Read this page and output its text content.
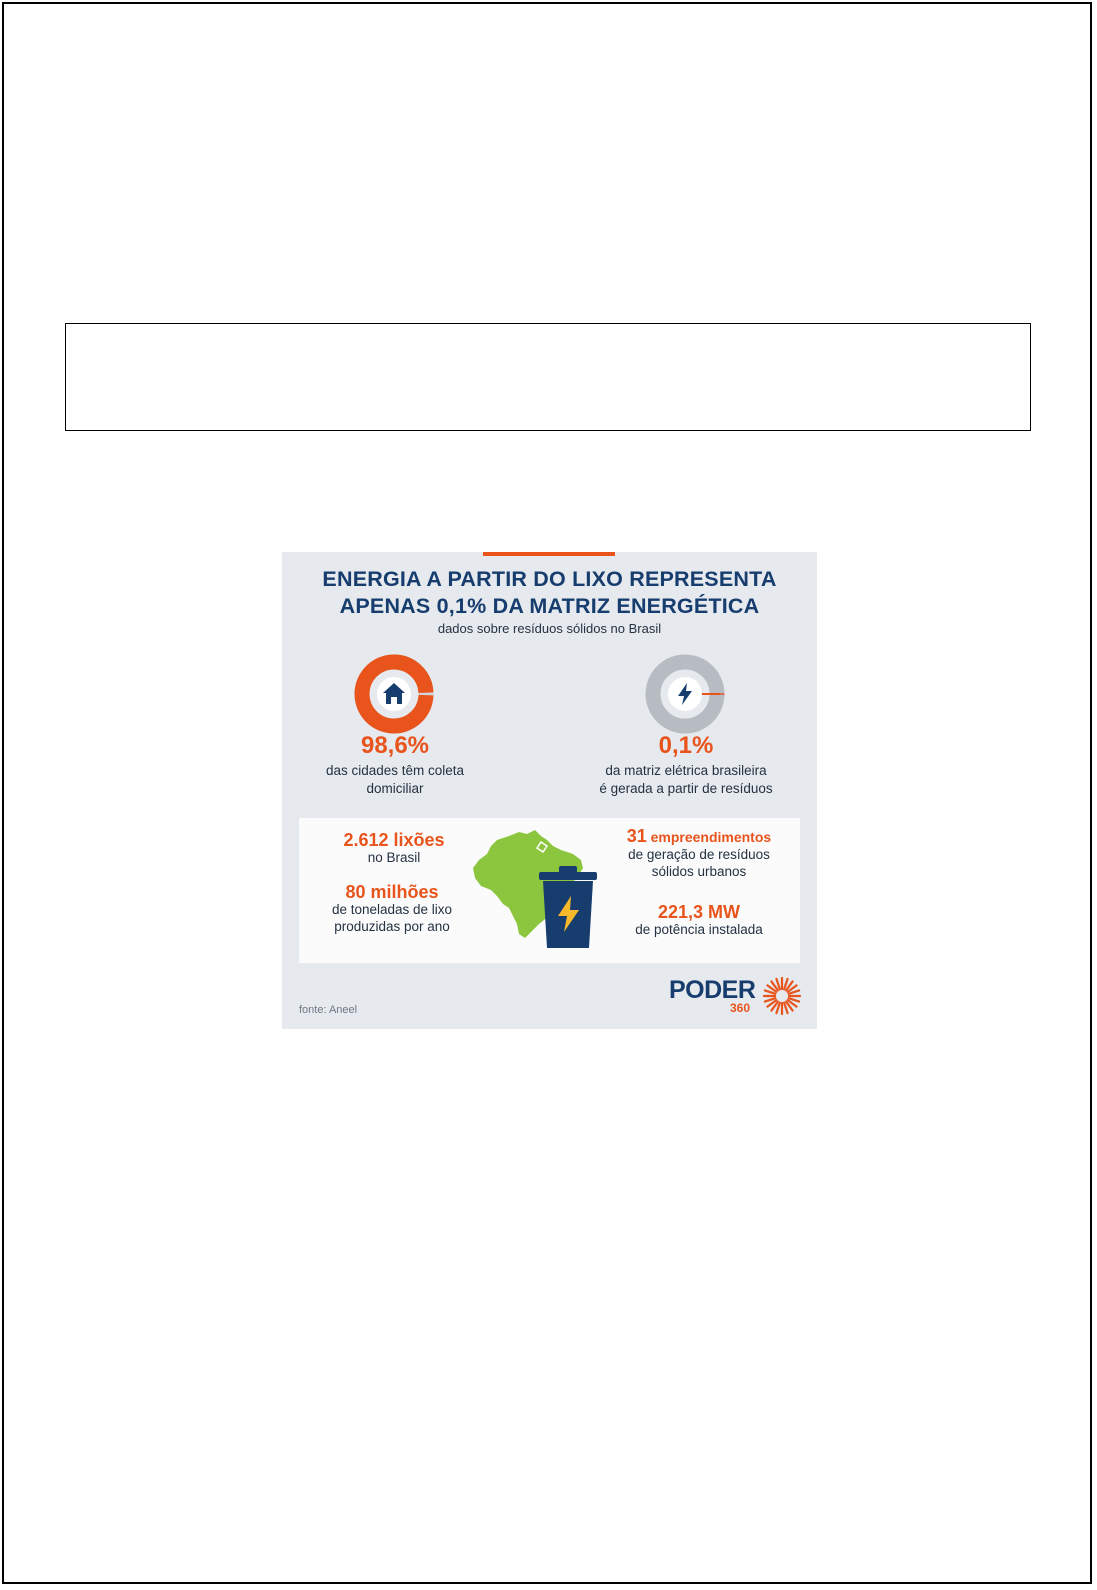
ENERGIA A PARTIR DO LIXO REPRESENTA
APENAS 0,1% DA MATRIZ ENERGÉTICA
dados sobre resíduos sólidos no Brasil
98,6%
das cidades têm coleta
domiciliar
0,1%
da matriz elétrica brasileira
é gerada a partir de resíduos
2.612 lixões
no Brasil
80 milhões
de toneladas de lixo
produzidas por ano
31 empreendimentos
de geração de resíduos
sólidos urbanos
221,3 MW
de potência instalada
fonte: Aneel
PODER
360
